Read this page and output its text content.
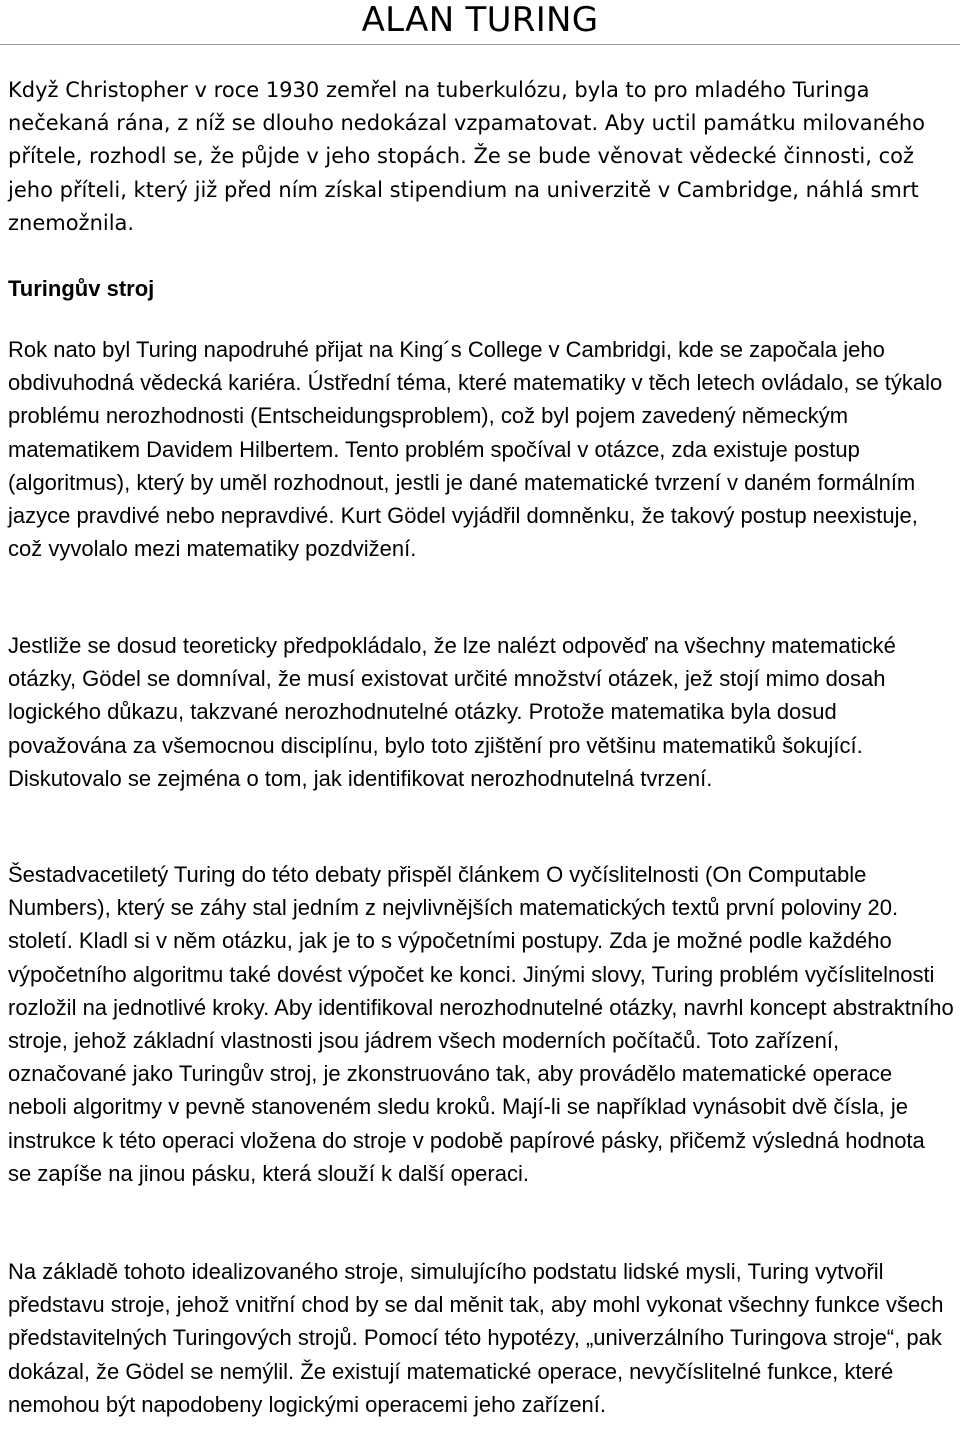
ALAN TURING

Když Christopher v roce 1930 zemřel na tuberkulózu, byla to pro mladého Turinga nečekaná rána, z níž se dlouho nedokázal vzpamatovat. Aby uctil památku milovaného přítele, rozhodl se, že půjde v jeho stopách. Že se bude věnovat vědecké činnosti, což jeho příteli, který již před ním získal stipendium na univerzitě v Cambridge, náhlá smrt znemožnila.

Turingův stroj

Rok nato byl Turing napodruhé přijat na King´s College v Cambridgi, kde se započala jeho obdivuhodná vědecká kariéra. Ústřední téma, které matematiky v těch letech ovládalo, se týkalo problému nerozhodnosti (Entscheidungsproblem), což byl pojem zavedený německým matematikem Davidem Hilbertem. Tento problém spočíval v otázce, zda existuje postup (algoritmus), který by uměl rozhodnout, jestli je dané matematické tvrzení v daném formálním jazyce pravdivé nebo nepravdivé. Kurt Gödel vyjádřil domněnku, že takový postup neexistuje, což vyvolalo mezi matematiky pozdvižení.

Jestliže se dosud teoreticky předpokládalo, že lze nalézt odpověď na všechny matematické otázky, Gödel se domníval, že musí existovat určité množství otázek, jež stojí mimo dosah logického důkazu, takzvané nerozhodnutelné otázky. Protože matematika byla dosud považována za všemocnou disciplínu, bylo toto zjištění pro většinu matematiků šokující. Diskutovalo se zejména o tom, jak identifikovat nerozhodnutelná tvrzení.

Šestadvacetiletý Turing do této debaty přispěl článkem O vyčíslitelnosti (On Computable Numbers), který se záhy stal jedním z nejvlivnějších matematických textů první poloviny 20. století. Kladl si v něm otázku, jak je to s výpočetními postupy. Zda je možné podle každého výpočetního algoritmu také dovést výpočet ke konci. Jinými slovy, Turing problém vyčíslitelnosti rozložil na jednotlivé kroky. Aby identifikoval nerozhodnutelné otázky, navrhl koncept abstraktního stroje, jehož základní vlastnosti jsou jádrem všech moderních počítačů. Toto zařízení, označované jako Turingův stroj, je zkonstruováno tak, aby provádělo matematické operace neboli algoritmy v pevně stanoveném sledu kroků. Mají-li se například vynásobit dvě čísla, je instrukce k této operaci vložena do stroje v podobě papírové pásky, přičemž výsledná hodnota se zapíše na jinou pásku, která slouží k další operaci.

Na základě tohoto idealizovaného stroje, simulujícího podstatu lidské mysli, Turing vytvořil představu stroje, jehož vnitřní chod by se dal měnit tak, aby mohl vykonat všechny funkce všech představitelných Turingových strojů. Pomocí této hypotézy, „univerzálního Turingova stroje“, pak dokázal, že Gödel se nemýlil. Že existují matematické operace, nevyčíslitelné funkce, které nemohou být napodobeny logickými operacemi jeho zařízení.
